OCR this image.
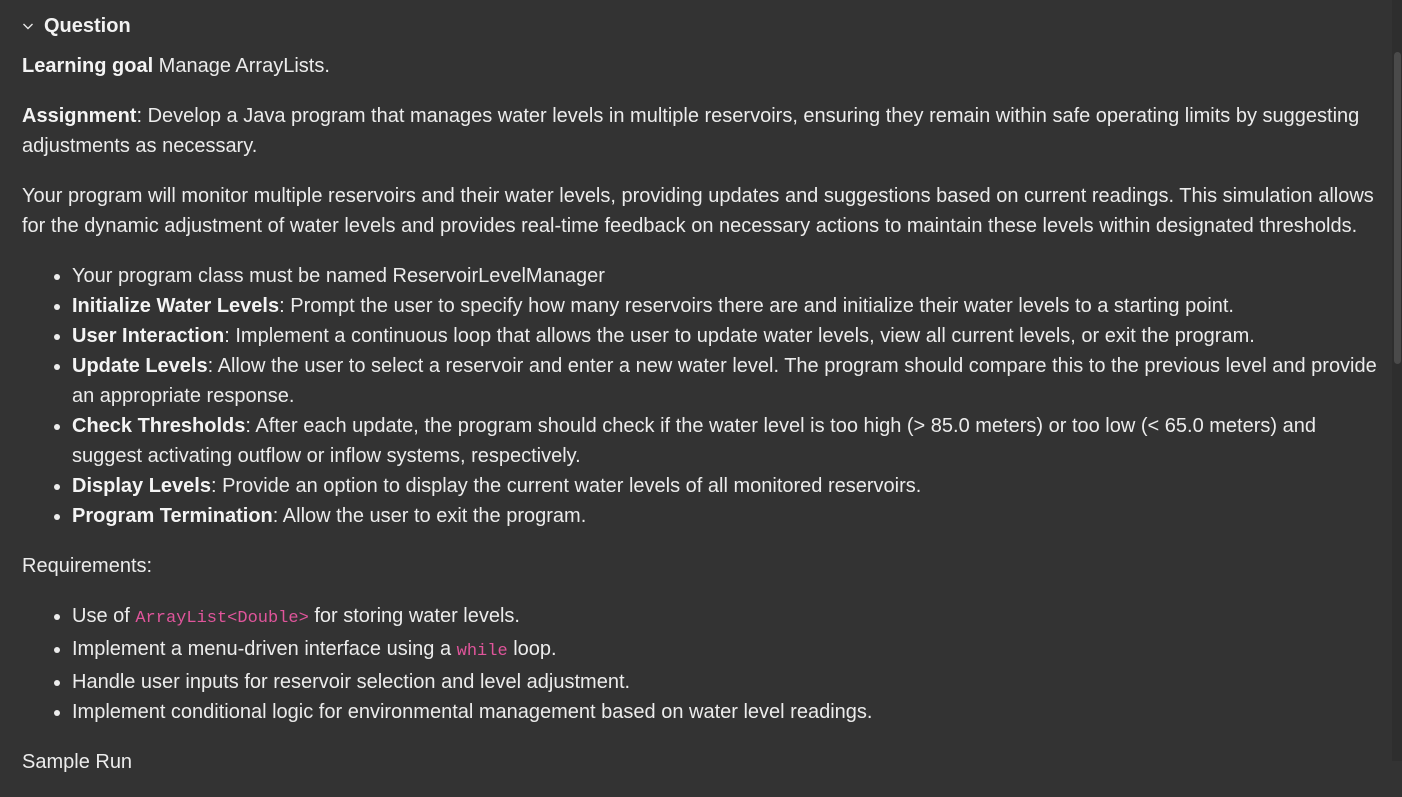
Question

Learning goal Manage ArrayLists.

Assignment: Develop a Java program that manages water levels in multiple reservoirs, ensuring they remain within safe operating limits by suggesting adjustments as necessary.

Your program will monitor multiple reservoirs and their water levels, providing updates and suggestions based on current readings. This simulation allows for the dynamic adjustment of water levels and provides real-time feedback on necessary actions to maintain these levels within designated thresholds.

• Your program class must be named ReservoirLevelManager
• Initialize Water Levels: Prompt the user to specify how many reservoirs there are and initialize their water levels to a starting point.
• User Interaction: Implement a continuous loop that allows the user to update water levels, view all current levels, or exit the program.
• Update Levels: Allow the user to select a reservoir and enter a new water level. The program should compare this to the previous level and provide an appropriate response.
• Check Thresholds: After each update, the program should check if the water level is too high (> 85.0 meters) or too low (< 65.0 meters) and suggest activating outflow or inflow systems, respectively.
• Display Levels: Provide an option to display the current water levels of all monitored reservoirs.
• Program Termination: Allow the user to exit the program.

Requirements:

• Use of ArrayList<Double> for storing water levels.
• Implement a menu-driven interface using a while loop.
• Handle user inputs for reservoir selection and level adjustment.
• Implement conditional logic for environmental management based on water level readings.

Sample Run
